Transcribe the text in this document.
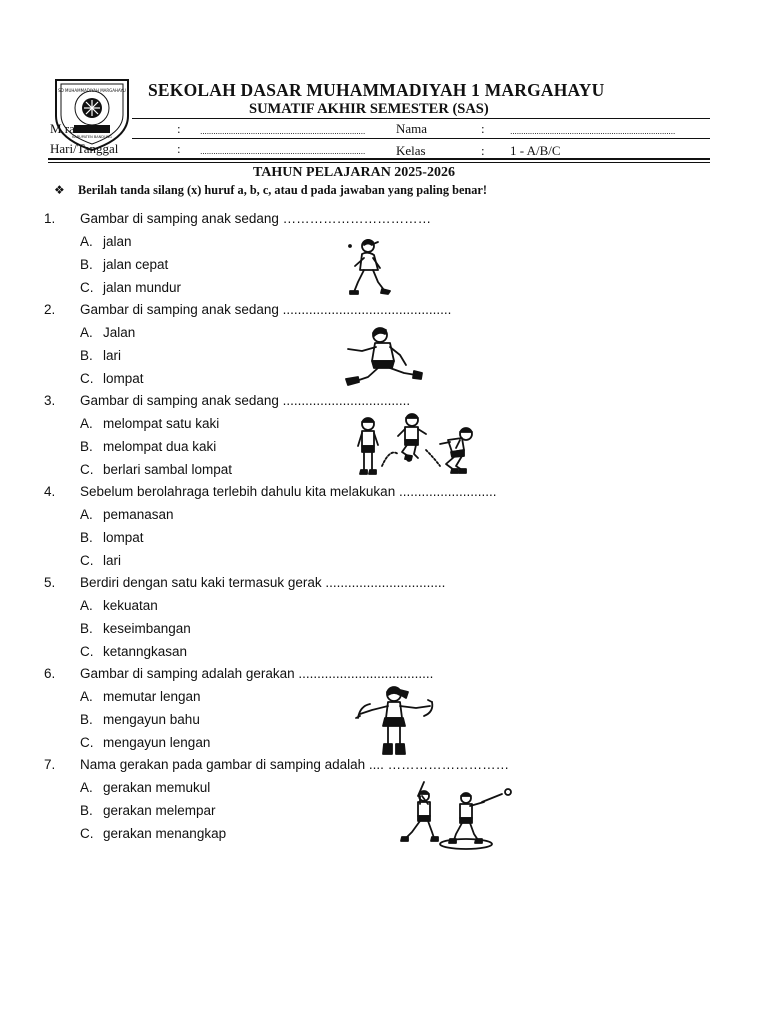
SD MUHAMMADIYAH MARGAHAYU
KABUPATEN BANDUNG
SEKOLAH DASAR MUHAMMADIYAH 1 MARGAHAYU
SUMATIF AKHIR SEMESTER (SAS)
M ran	: ........................................................................... Nama	:	...........................................................................
Hari/Tanggal	: ........................................................................... Kelas	: 1 - A/B/C
TAHUN PELAJARAN 2025-2026
❖ Berilah tanda silang (x) huruf a, b, c, atau d pada jawaban yang paling benar!
1. Gambar di samping anak sedang ……………………………
A. jalan
B. jalan cepat
C. jalan mundur
2. Gambar di samping anak sedang .............................................
A. Jalan
B. lari
C. lompat
3. Gambar di samping anak sedang ..................................
A. melompat satu kaki
B. melompat dua kaki
C. berlari sambal lompat
4. Sebelum berolahraga terlebih dahulu kita melakukan ..........................
A. pemanasan
B. lompat
C. lari
5. Berdiri dengan satu kaki termasuk gerak ................................
A. kekuatan
B. keseimbangan
C. ketanngkasan
6. Gambar di samping adalah gerakan ....................................
A. memutar lengan
B. mengayun bahu
C. mengayun lengan
7. Nama gerakan pada gambar di samping adalah .... ………………………
A. gerakan memukul
B. gerakan melempar
C. gerakan menangkap
